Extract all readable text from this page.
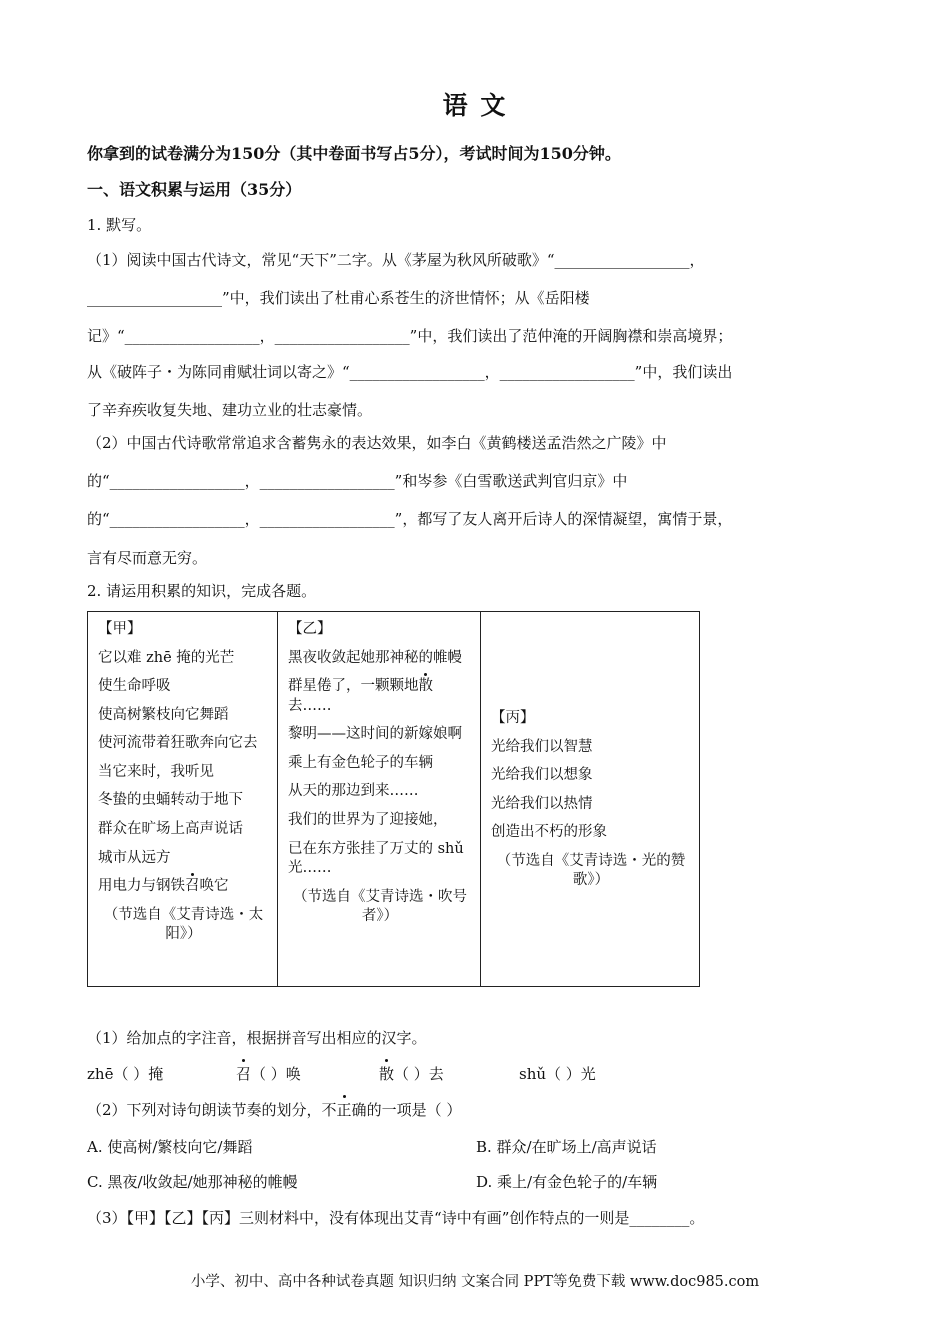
语 文
你拿到的试卷满分为150分（其中卷面书写占5分），考试时间为150分钟。
一、语文积累与运用（35分）
1. 默写。
（1）阅读中国古代诗文，常见“天下”二字。从《茅屋为秋风所破歌》“__________________，
__________________”中，我们读出了杜甫心系苍生的济世情怀；从《岳阳楼
记》“__________________，__________________”中，我们读出了范仲淹的开阔胸襟和崇高境界；
从《破阵子・为陈同甫赋壮词以寄之》“__________________，__________________”中，我们读出
了辛弃疾收复失地、建功立业的壮志豪情。
（2）中国古代诗歌常常追求含蓄隽永的表达效果，如李白《黄鹤楼送孟浩然之广陵》中
的“__________________，__________________”和岑参《白雪歌送武判官归京》中
的“__________________，__________________”，都写了友人离开后诗人的深情凝望，寓情于景，
言有尽而意无穷。
2. 请运用积累的知识，完成各题。
【甲】
它以难 zhē 掩的光芒
使生命呼吸
使高树繁枝向它舞蹈
使河流带着狂歌奔向它去
当它来时，我听见
冬蛰的虫蛹转动于地下
群众在旷场上高声说话
城市从远方
用电力与钢铁召唤它
（节选自《艾青诗选・太阳》）

【乙】
黑夜收敛起她那神秘的帷幔
群星倦了，一颗颗地散去……
黎明——这时间的新嫁娘啊
乘上有金色轮子的车辆
从天的那边到来……
我们的世界为了迎接她，
已在东方张挂了万丈的 shǔ 光……
（节选自《艾青诗选・吹号者》）

【丙】
光给我们以智慧
光给我们以想象
光给我们以热情
创造出不朽的形象
（节选自《艾青诗选・光的赞歌》）
（1）给加点的字注音，根据拼音写出相应的汉字。
zhē（ ）掩	召（ ）唤	散（ ）去	shǔ（ ）光
（2）下列对诗句朗读节奏的划分，不正确的一项是（ ）
A. 使高树/繁枝向它/舞蹈	B. 群众/在旷场上/高声说话
C. 黑夜/收敛起/她那神秘的帷幔	D. 乘上/有金色轮子的/车辆
（3）【甲】【乙】【丙】三则材料中，没有体现出艾青“诗中有画”创作特点的一则是________。
小学、初中、高中各种试卷真题 知识归纳 文案合同 PPT等免费下载 www.doc985.com
